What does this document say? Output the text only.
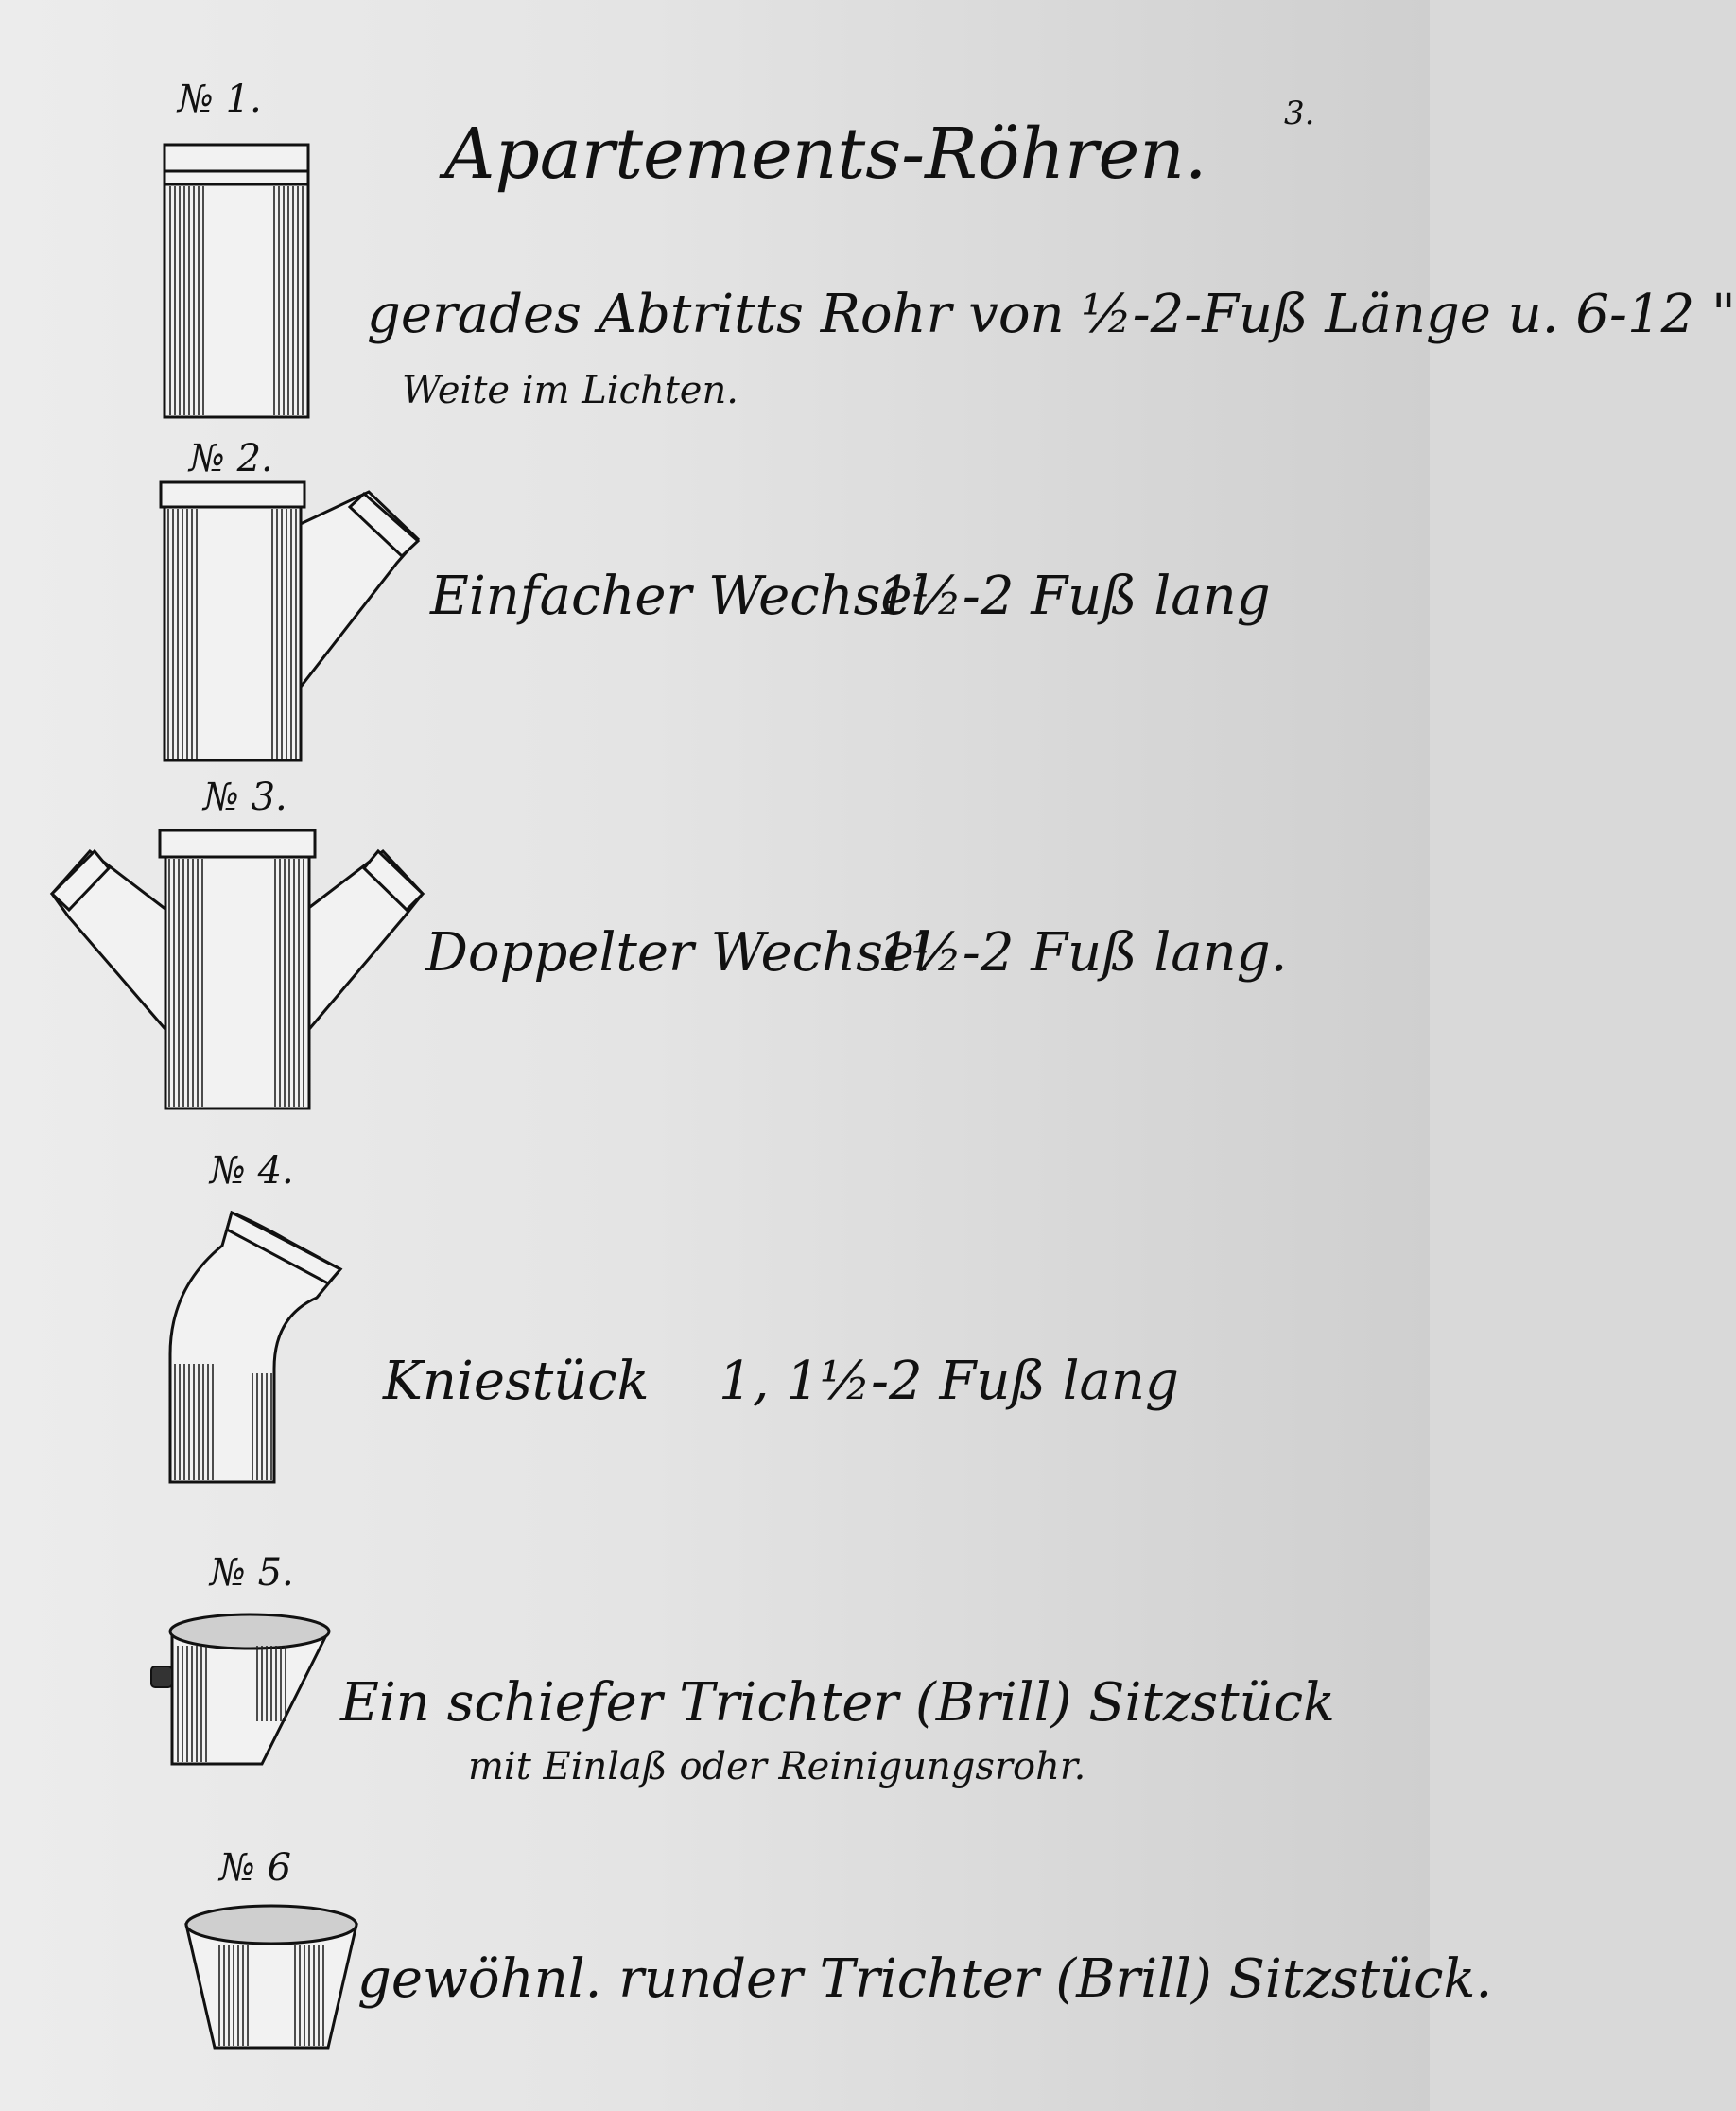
3.
Apartements-Röhren.
№ 1.
gerades Abtritts Rohr von ½-2-Fuß Länge u. 6-12 "
Weite im Lichten.
№ 2.
Einfacher Wechsel
1½-2 Fuß lang
№ 3.
Doppelter Wechsel
1½-2 Fuß lang.
№ 4.
Kniestück 1, 1½-2 Fuß lang
№ 5.
Ein schiefer Trichter (Brill) Sitzstück
mit Einlaß oder Reinigungsrohr.
№ 6
gewöhnl. runder Trichter (Brill) Sitzstück.
